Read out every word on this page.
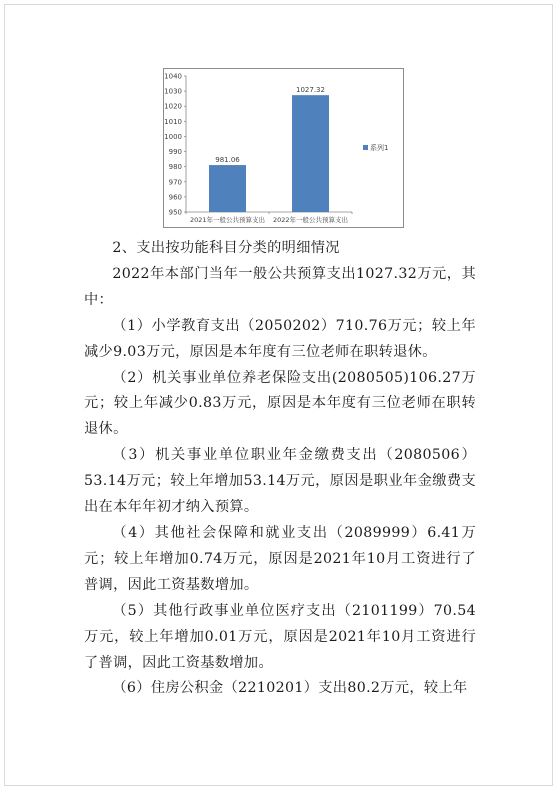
950
960
970
980
990
1000
1010
1020
1030
1040
981.06
2021年一般公共预算支出
1027.32
2022年一般公共预算支出
系列1

2、支出按功能科目分类的明细情况

2022年本部门当年一般公共预算支出1027.32万元，其中：

（1）小学教育支出（2050202）710.76万元；较上年减少9.03万元，原因是本年度有三位老师在职转退休。

（2）机关事业单位养老保险支出(2080505)106.27万元；较上年减少0.83万元，原因是本年度有三位老师在职转退休。

（3）机关事业单位职业年金缴费支出（2080506）53.14万元；较上年增加53.14万元，原因是职业年金缴费支出在本年年初才纳入预算。

（4）其他社会保障和就业支出（2089999）6.41万元；较上年增加0.74万元，原因是2021年10月工资进行了普调，因此工资基数增加。

（5）其他行政事业单位医疗支出（2101199）70.54万元，较上年增加0.01万元，原因是2021年10月工资进行了普调，因此工资基数增加。

（6）住房公积金（2210201）支出80.2万元，较上年
